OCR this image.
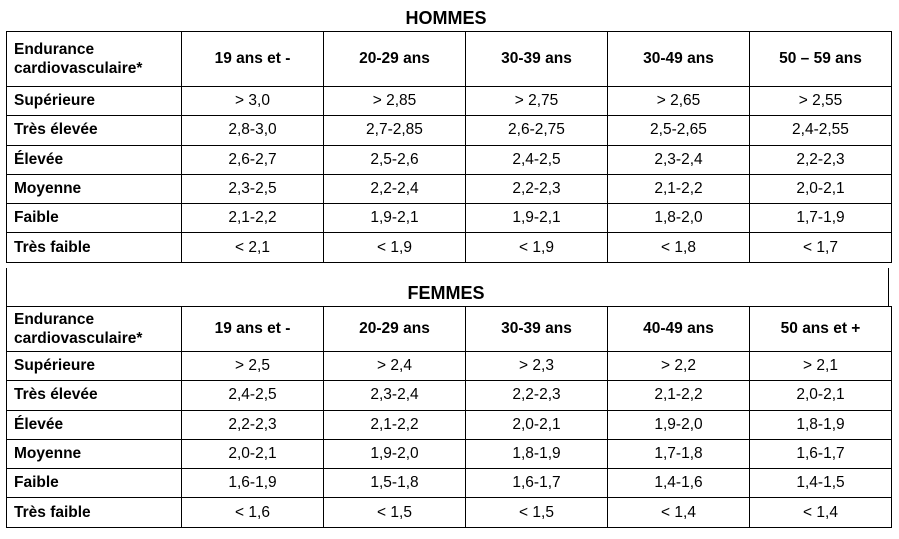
HOMMES
Endurance cardiovasculaire*	19 ans et -	20-29 ans	30-39 ans	30-49 ans	50 – 59 ans
Supérieure	> 3,0	> 2,85	> 2,75	> 2,65	> 2,55
Très élevée	2,8-3,0	2,7-2,85	2,6-2,75	2,5-2,65	2,4-2,55
Élevée	2,6-2,7	2,5-2,6	2,4-2,5	2,3-2,4	2,2-2,3
Moyenne	2,3-2,5	2,2-2,4	2,2-2,3	2,1-2,2	2,0-2,1
Faible	2,1-2,2	1,9-2,1	1,9-2,1	1,8-2,0	1,7-1,9
Très faible	< 2,1	< 1,9	< 1,9	< 1,8	< 1,7
FEMMES
Endurance cardiovasculaire*	19 ans et -	20-29 ans	30-39 ans	40-49 ans	50 ans et +
Supérieure	> 2,5	> 2,4	> 2,3	> 2,2	> 2,1
Très élevée	2,4-2,5	2,3-2,4	2,2-2,3	2,1-2,2	2,0-2,1
Élevée	2,2-2,3	2,1-2,2	2,0-2,1	1,9-2,0	1,8-1,9
Moyenne	2,0-2,1	1,9-2,0	1,8-1,9	1,7-1,8	1,6-1,7
Faible	1,6-1,9	1,5-1,8	1,6-1,7	1,4-1,6	1,4-1,5
Très faible	< 1,6	< 1,5	< 1,5	< 1,4	< 1,4
